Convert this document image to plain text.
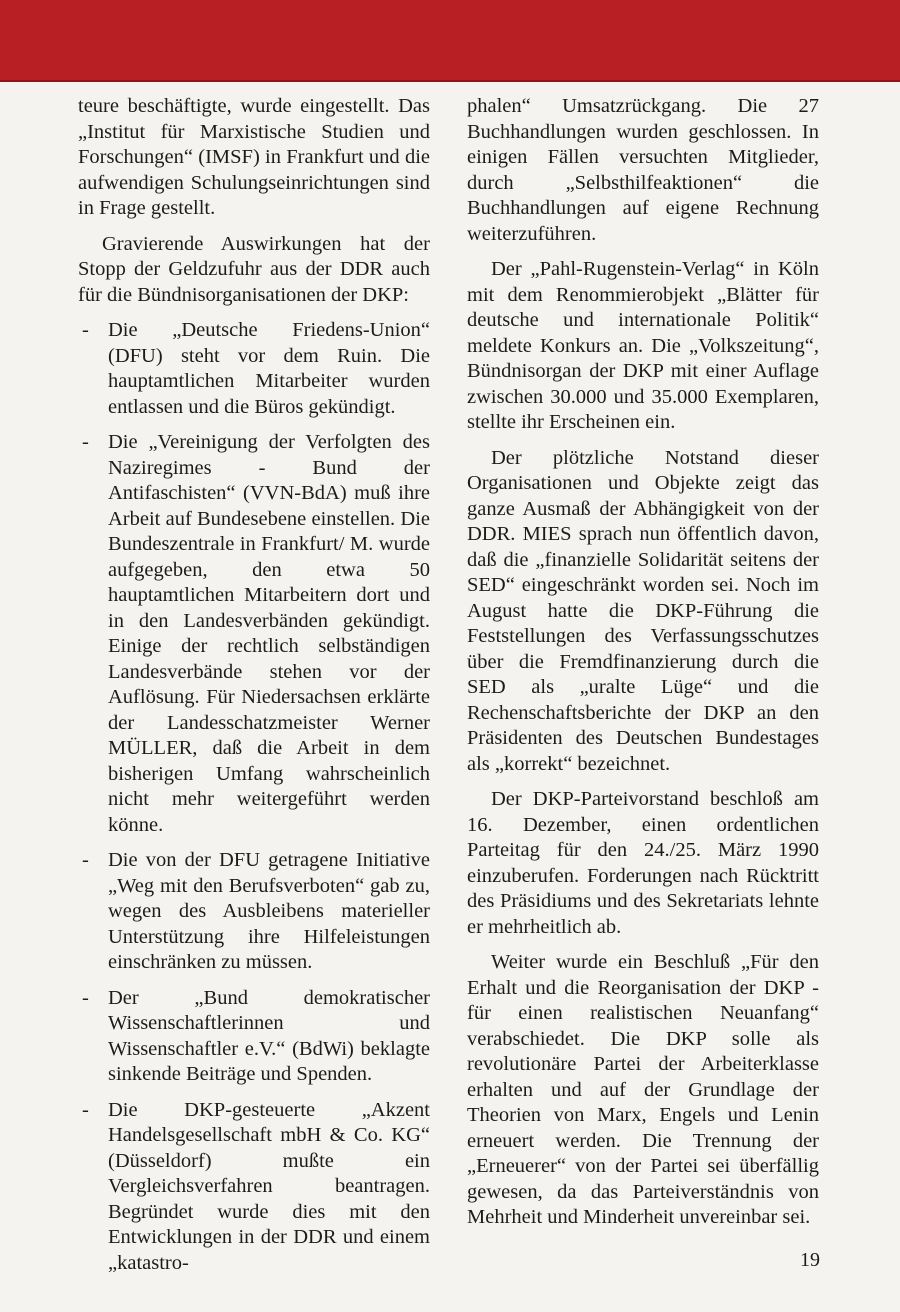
teure beschäftigte, wurde eingestellt. Das „Institut für Marxistische Studien und Forschungen“ (IMSF) in Frankfurt und die aufwendigen Schulungseinrichtungen sind in Frage gestellt.

Gravierende Auswirkungen hat der Stopp der Geldzufuhr aus der DDR auch für die Bündnisorganisationen der DKP:

- Die „Deutsche Friedens-Union“ (DFU) steht vor dem Ruin. Die hauptamtlichen Mitarbeiter wurden entlassen und die Büros gekündigt.
- Die „Vereinigung der Verfolgten des Naziregimes - Bund der Antifaschisten“ (VVN-BdA) muß ihre Arbeit auf Bundesebene einstellen. Die Bundeszentrale in Frankfurt/ M. wurde aufgegeben, den etwa 50 hauptamtlichen Mitarbeitern dort und in den Landesverbänden gekündigt. Einige der rechtlich selbständigen Landesverbände stehen vor der Auflösung. Für Niedersachsen erklärte der Landesschatzmeister Werner MÜLLER, daß die Arbeit in dem bisherigen Umfang wahrscheinlich nicht mehr weitergeführt werden könne.
- Die von der DFU getragene Initiative „Weg mit den Berufsverboten“ gab zu, wegen des Ausbleibens materieller Unterstützung ihre Hilfeleistungen einschränken zu müssen.
- Der „Bund demokratischer Wissenschaftlerinnen und Wissenschaftler e.V.“ (BdWi) beklagte sinkende Beiträge und Spenden.
- Die DKP-gesteuerte „Akzent Handelsgesellschaft mbH & Co. KG“ (Düsseldorf) mußte ein Vergleichsverfahren beantragen. Begründet wurde dies mit den Entwicklungen in der DDR und einem „katastro-

phalen“ Umsatzrückgang. Die 27 Buchhandlungen wurden geschlossen. In einigen Fällen versuchten Mitglieder, durch „Selbsthilfeaktionen“ die Buchhandlungen auf eigene Rechnung weiterzuführen.

Der „Pahl-Rugenstein-Verlag“ in Köln mit dem Renommierobjekt „Blätter für deutsche und internationale Politik“ meldete Konkurs an. Die „Volkszeitung“, Bündnisorgan der DKP mit einer Auflage zwischen 30.000 und 35.000 Exemplaren, stellte ihr Erscheinen ein.

Der plötzliche Notstand dieser Organisationen und Objekte zeigt das ganze Ausmaß der Abhängigkeit von der DDR. MIES sprach nun öffentlich davon, daß die „finanzielle Solidarität seitens der SED“ eingeschränkt worden sei. Noch im August hatte die DKP-Führung die Feststellungen des Verfassungsschutzes über die Fremdfinanzierung durch die SED als „uralte Lüge“ und die Rechenschaftsberichte der DKP an den Präsidenten des Deutschen Bundestages als „korrekt“ bezeichnet.

Der DKP-Parteivorstand beschloß am 16. Dezember, einen ordentlichen Parteitag für den 24./25. März 1990 einzuberufen. Forderungen nach Rücktritt des Präsidiums und des Sekretariats lehnte er mehrheitlich ab.

Weiter wurde ein Beschluß „Für den Erhalt und die Reorganisation der DKP - für einen realistischen Neuanfang“ verabschiedet. Die DKP solle als revolutionäre Partei der Arbeiterklasse erhalten und auf der Grundlage der Theorien von Marx, Engels und Lenin erneuert werden. Die Trennung der „Erneuerer“ von der Partei sei überfällig gewesen, da das Parteiverständnis von Mehrheit und Minderheit unvereinbar sei.

19
